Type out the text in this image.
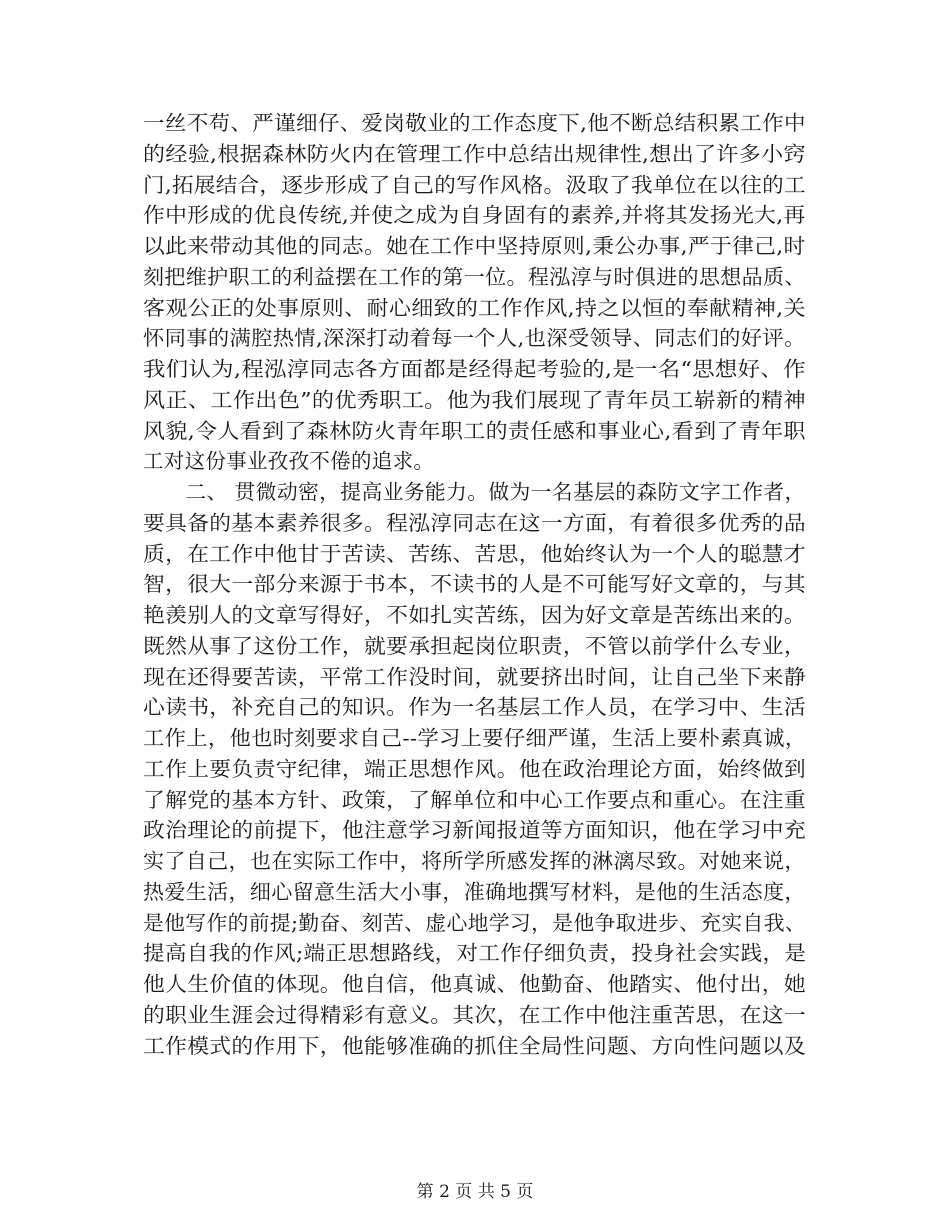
一丝不苟、严谨细仔、爱岗敬业的工作态度下,他不断总结积累工作中
的经验,根据森林防火内在管理工作中总结出规律性,想出了许多小窍
门,拓展结合，逐步形成了自己的写作风格。汲取了我单位在以往的工
作中形成的优良传统,并使之成为自身固有的素养,并将其发扬光大,再
以此来带动其他的同志。她在工作中坚持原则,秉公办事,严于律己,时
刻把维护职工的利益摆在工作的第一位。程泓淳与时俱进的思想品质、
客观公正的处事原则、耐心细致的工作作风,持之以恒的奉献精神,关
怀同事的满腔热情,深深打动着每一个人,也深受领导、同志们的好评。
我们认为,程泓淳同志各方面都是经得起考验的,是一名“思想好、作
风正、工作出色”的优秀职工。他为我们展现了青年员工崭新的精神
风貌,令人看到了森林防火青年职工的责任感和事业心,看到了青年职
工对这份事业孜孜不倦的追求。
　　二、 贯微动密，提高业务能力。做为一名基层的森防文字工作者，
要具备的基本素养很多。程泓淳同志在这一方面，有着很多优秀的品
质，在工作中他甘于苦读、苦练、苦思，他始终认为一个人的聪慧才
智，很大一部分来源于书本，不读书的人是不可能写好文章的，与其
艳羡别人的文章写得好，不如扎实苦练，因为好文章是苦练出来的。
既然从事了这份工作，就要承担起岗位职责，不管以前学什么专业，
现在还得要苦读，平常工作没时间，就要挤出时间，让自己坐下来静
心读书，补充自己的知识。作为一名基层工作人员，在学习中、生活
工作上，他也时刻要求自己--学习上要仔细严谨，生活上要朴素真诚，
工作上要负责守纪律，端正思想作风。他在政治理论方面，始终做到
了解党的基本方针、政策，了解单位和中心工作要点和重心。在注重
政治理论的前提下，他注意学习新闻报道等方面知识，他在学习中充
实了自己，也在实际工作中，将所学所感发挥的淋漓尽致。对她来说，
热爱生活，细心留意生活大小事，准确地撰写材料，是他的生活态度，
是他写作的前提;勤奋、刻苦、虚心地学习，是他争取进步、充实自我、
提高自我的作风;端正思想路线，对工作仔细负责，投身社会实践，是
他人生价值的体现。他自信，他真诚、他勤奋、他踏实、他付出，她
的职业生涯会过得精彩有意义。其次，在工作中他注重苦思，在这一
工作模式的作用下，他能够准确的抓住全局性问题、方向性问题以及
第 2 页 共 5 页
